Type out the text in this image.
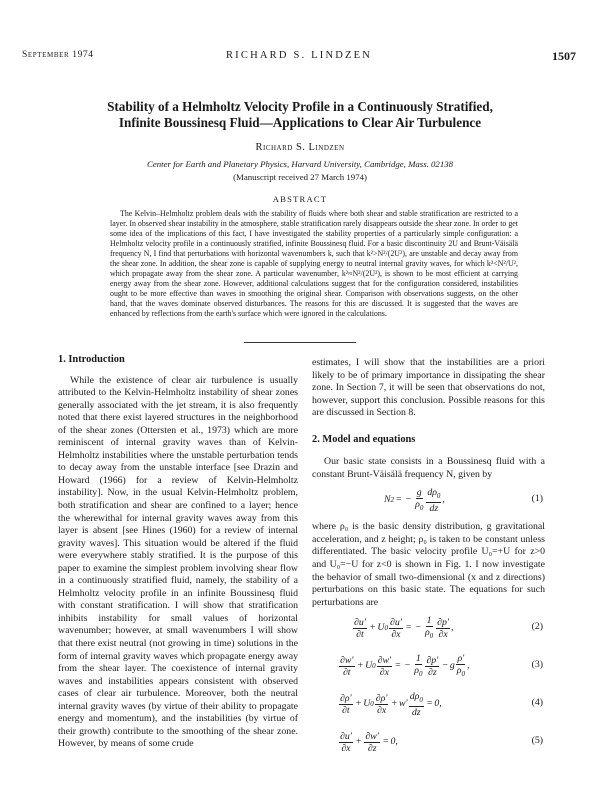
September 1974	RICHARD S. LINDZEN	1507
Stability of a Helmholtz Velocity Profile in a Continuously Stratified,
Infinite Boussinesq Fluid—Applications to Clear Air Turbulence
Richard S. Lindzen
Center for Earth and Planetary Physics, Harvard University, Cambridge, Mass. 02138
(Manuscript received 27 March 1974)
ABSTRACT

The Kelvin–Helmholtz problem deals with the stability of fluids where both shear and stable stratification are restricted to a layer. In observed shear instability in the atmosphere, stable stratification rarely disappears outside the shear zone. In order to get some idea of the implications of this fact, I have investigated the stability properties of a particularly simple configuration: a Helmholtz velocity profile in a continuously stratified, infinite Boussinesq fluid. For a basic discontinuity 2U and Brunt-Väisälä frequency N, I find that perturbations with horizontal wavenumbers k, such that k²>N²/(2U²), are unstable and decay away from the shear zone. In addition, the shear zone is capable of supplying energy to neutral internal gravity waves, for which k²<N²/U², which propagate away from the shear zone. A particular wavenumber, k²≈N²/(2U²), is shown to be most efficient at carrying energy away from the shear zone. However, additional calculations suggest that for the configuration considered, instabilities ought to be more effective than waves in smoothing the original shear. Comparison with observations suggests, on the other hand, that the waves dominate observed disturbances. The reasons for this are discussed. It is suggested that the waves are enhanced by reflections from the earth's surface which were ignored in the calculations.

1. Introduction

While the existence of clear air turbulence is usually attributed to the Kelvin-Helmholtz instability of shear zones generally associated with the jet stream, it is also frequently noted that there exist layered structures in the neighborhood of the shear zones (Ottersten et al., 1973) which are more reminiscent of internal gravity waves than of Kelvin-Helmholtz instabilities where the unstable perturbation tends to decay away from the unstable interface [see Drazin and Howard (1966) for a review of Kelvin-Helmholtz instability]. Now, in the usual Kelvin-Helmholtz problem, both stratification and shear are confined to a layer; hence the wherewithal for internal gravity waves away from this layer is absent [see Hines (1960) for a review of internal gravity waves]. This situation would be altered if the fluid were everywhere stably stratified. It is the purpose of this paper to examine the simplest problem involving shear flow in a continuously stratified fluid, namely, the stability of a Helmholtz velocity profile in an infinite Boussinesq fluid with constant stratification. I will show that stratification inhibits instability for small values of horizontal wavenumber; however, at small wavenumbers I will show that there exist neutral (not growing in time) solutions in the form of internal gravity waves which propagate energy away from the shear layer. The coexistence of internal gravity waves and instabilities appears consistent with observed cases of clear air turbulence. Moreover, both the neutral internal gravity waves (by virtue of their ability to propagate energy and momentum), and the instabilities (by virtue of their growth) contribute to the smoothing of the shear zone. However, by means of some crude

estimates, I will show that the instabilities are a priori likely to be of primary importance in dissipating the shear zone. In Section 7, it will be seen that observations do not, however, support this conclusion. Possible reasons for this are discussed in Section 8.

2. Model and equations

Our basic state consists in a Boussinesq fluid with a constant Brunt-Väisälä frequency N, given by

N 2 = − $\frac{g}{\rho_0} \frac{d\rho_0}{dz}$ ,	(1)

where ρ₀ is the basic density distribution, g gravitational acceleration, and z height; ρ₀ is taken to be constant unless differentiated. The basic velocity profile U₀=+U for z>0 and U₀=−U for z<0 is shown in Fig. 1. I now investigate the behavior of small two-dimensional (x and z directions) perturbations on this basic state. The equations for such perturbations are

$\frac{\partial u'}{\partial t} + U$ $0 \frac{\partial u'}{\partial x}$ = − $\frac{1}{\rho_0} \frac{\partial p'}{\partial x}$ ,	(2)
$\frac{\partial w'}{\partial t} + U$ $0 \frac{\partial w'}{\partial x}$ = − $\frac{1}{\rho_0} \frac{\partial p'}{\partial z} - g \frac{\rho'}{\rho_0}$ ,	(3)
$\frac{\partial\rho'}{\partial t} + U$ $0 \frac{\partial\rho'}{\partial x} + w' \frac{d\rho_0}{dz} = 0$,	(4)
$\frac{\partial u'}{\partial x} + \frac{\partial w'}{\partial z} = 0$,	(5)
